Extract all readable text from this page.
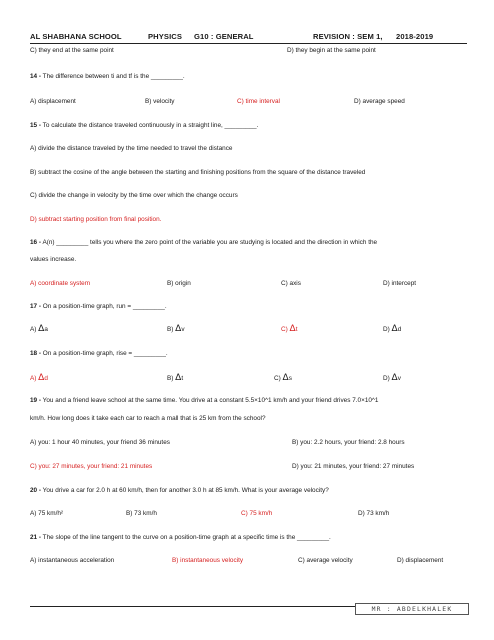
AL SHABHANA SCHOOL	PHYSICS G10 : GENERAL	REVISION : SEM 1, 2018-2019
C) they end at the same point	D) they begin at the same point
14 - The difference between ti and tf is the _________.
A) displacement	B) velocity	C) time interval	D) average speed
15 - To calculate the distance traveled continuously in a straight line, _________.
A) divide the distance traveled by the time needed to travel the distance
B) subtract the cosine of the angle between the starting and finishing positions from the square of the distance traveled
C) divide the change in velocity by the time over which the change occurs
D) subtract starting position from final position.
16 - A(n) _________ tells you where the zero point of the variable you are studying is located and the direction in which the
values increase.
A) coordinate system	B) origin	C) axis	D) intercept
17 - On a position-time graph, run = _________.
A) Δa	B) Δv	C) Δt	D) Δd
18 - On a position-time graph, rise = _________.
A) Δd	B) Δt	C) Δs	D) Δv
19 - You and a friend leave school at the same time. You drive at a constant 5.5×10^1 km/h and your friend drives 7.0×10^1
km/h. How long does it take each car to reach a mall that is 25 km from the school?
A) you: 1 hour 40 minutes, your friend 36 minutes	B) you: 2.2 hours, your friend: 2.8 hours
C) you: 27 minutes, your friend: 21 minutes	D) you: 21 minutes, your friend: 27 minutes
20 - You drive a car for 2.0 h at 60 km/h, then for another 3.0 h at 85 km/h. What is your average velocity?
A) 75 km/h²	B) 73 km/h	C) 75 km/h	D) 73 km/h
21 - The slope of the line tangent to the curve on a position-time graph at a specific time is the _________.
A) instantaneous acceleration	B) instantaneous velocity	C) average velocity	D) displacement
MR : ABDELKHALEK
